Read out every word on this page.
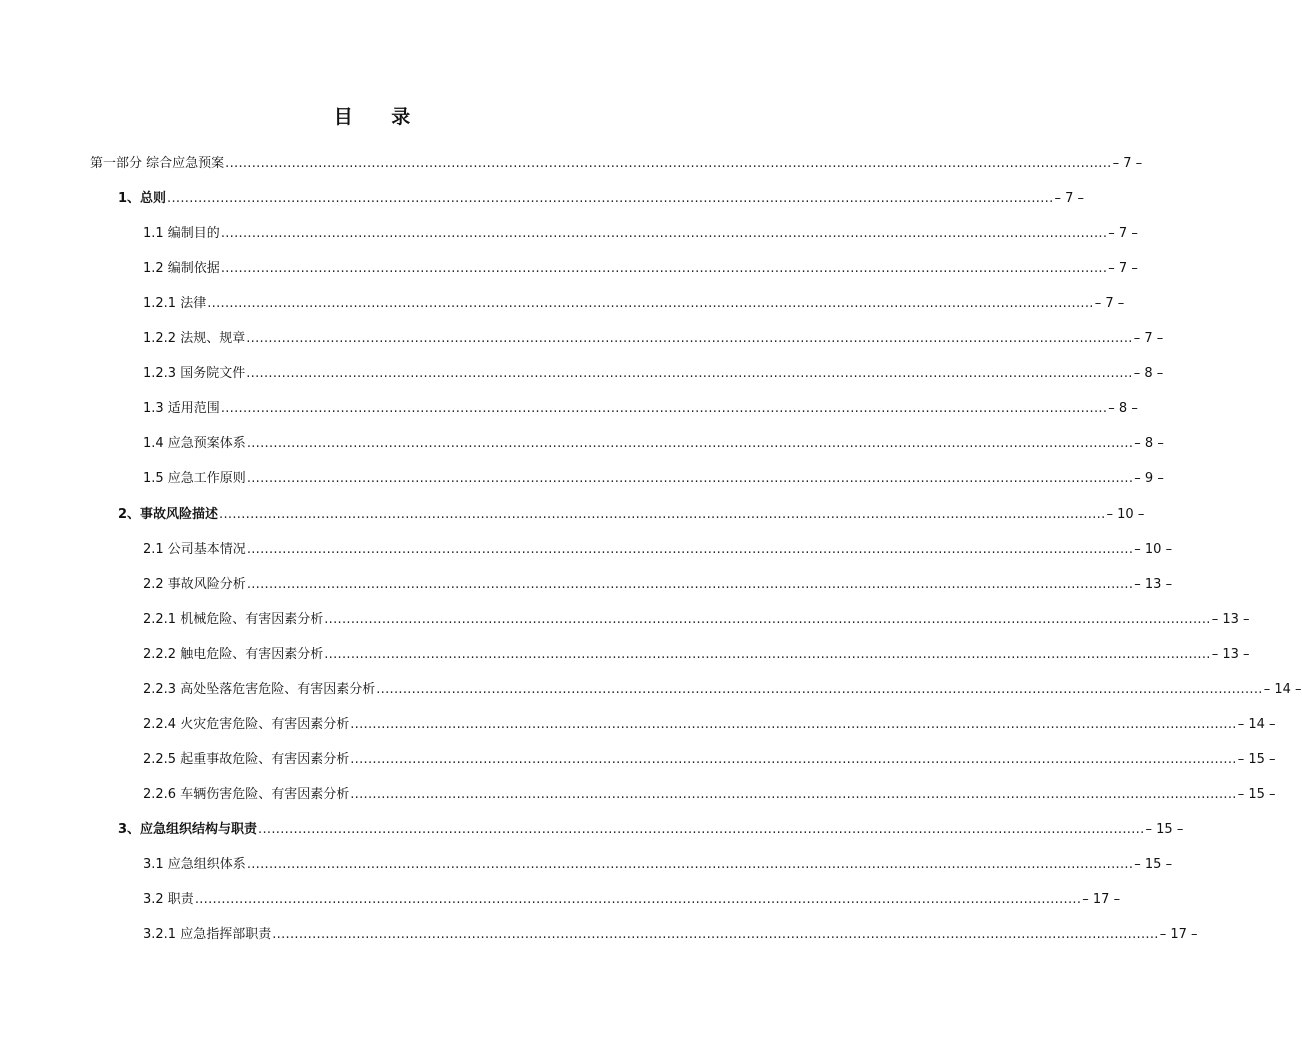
目 录
第一部分 综合应急预案 ........................................................................................................................................................................................................ – 7 –
1、总则 ........................................................................................................................................................................................................ – 7 –
1.1 编制目的 ........................................................................................................................................................................................................ – 7 –
1.2 编制依据 ........................................................................................................................................................................................................ – 7 –
1.2.1 法律 ........................................................................................................................................................................................................ – 7 –
1.2.2 法规、规章 ........................................................................................................................................................................................................ – 7 –
1.2.3 国务院文件 ........................................................................................................................................................................................................ – 8 –
1.3 适用范围 ........................................................................................................................................................................................................ – 8 –
1.4 应急预案体系 ........................................................................................................................................................................................................ – 8 –
1.5 应急工作原则 ........................................................................................................................................................................................................ – 9 –
2、事故风险描述 ........................................................................................................................................................................................................ – 10 –
2.1 公司基本情况 ........................................................................................................................................................................................................ – 10 –
2.2 事故风险分析 ........................................................................................................................................................................................................ – 13 –
2.2.1 机械危险、有害因素分析 ........................................................................................................................................................................................................ – 13 –
2.2.2 触电危险、有害因素分析 ........................................................................................................................................................................................................ – 13 –
2.2.3 高处坠落危害危险、有害因素分析 ........................................................................................................................................................................................................ – 14 –
2.2.4 火灾危害危险、有害因素分析 ........................................................................................................................................................................................................ – 14 –
2.2.5 起重事故危险、有害因素分析 ........................................................................................................................................................................................................ – 15 –
2.2.6 车辆伤害危险、有害因素分析 ........................................................................................................................................................................................................ – 15 –
3、应急组织结构与职责 ........................................................................................................................................................................................................ – 15 –
3.1 应急组织体系 ........................................................................................................................................................................................................ – 15 –
3.2 职责 ........................................................................................................................................................................................................ – 17 –
3.2.1 应急指挥部职责 ........................................................................................................................................................................................................ – 17 –
